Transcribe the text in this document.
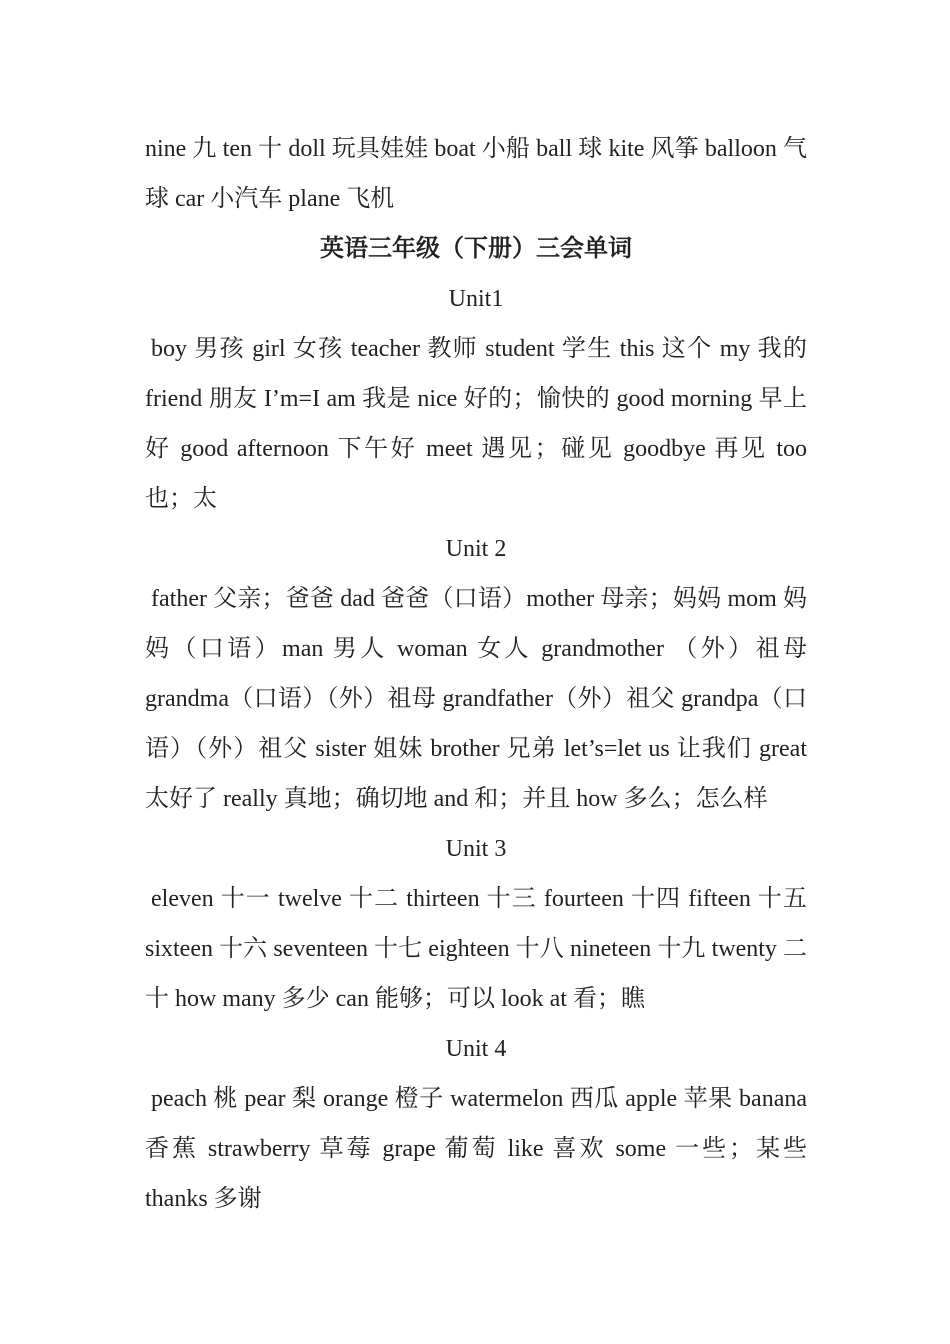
nine 九 ten 十 doll 玩具娃娃 boat 小船 ball 球 kite 风筝 balloon 气球 car 小汽车 plane 飞机

英语三年级（下册）三会单词

Unit1

boy 男孩 girl 女孩 teacher 教师 student 学生 this 这个 my 我的 friend 朋友 I’m=I am 我是 nice 好的；愉快的 good morning 早上好 good afternoon 下午好 meet 遇见；碰见 goodbye 再见 too 也；太

Unit 2

father 父亲；爸爸 dad 爸爸（口语）mother 母亲；妈妈 mom 妈妈（口语）man 男人 woman 女人 grandmother （外）祖母 grandma（口语）（外）祖母 grandfather（外）祖父 grandpa（口语）（外）祖父 sister 姐妹 brother 兄弟 let’s=let us 让我们 great 太好了 really 真地；确切地 and 和；并且 how 多么；怎么样

Unit 3

eleven 十一 twelve 十二 thirteen 十三 fourteen 十四 fifteen 十五 sixteen 十六 seventeen 十七 eighteen 十八 nineteen 十九 twenty 二十 how many 多少 can 能够；可以 look at 看；瞧

Unit 4

peach 桃 pear 梨 orange 橙子 watermelon 西瓜 apple 苹果 banana 香蕉 strawberry 草莓 grape 葡萄 like 喜欢 some 一些；某些 thanks 多谢
